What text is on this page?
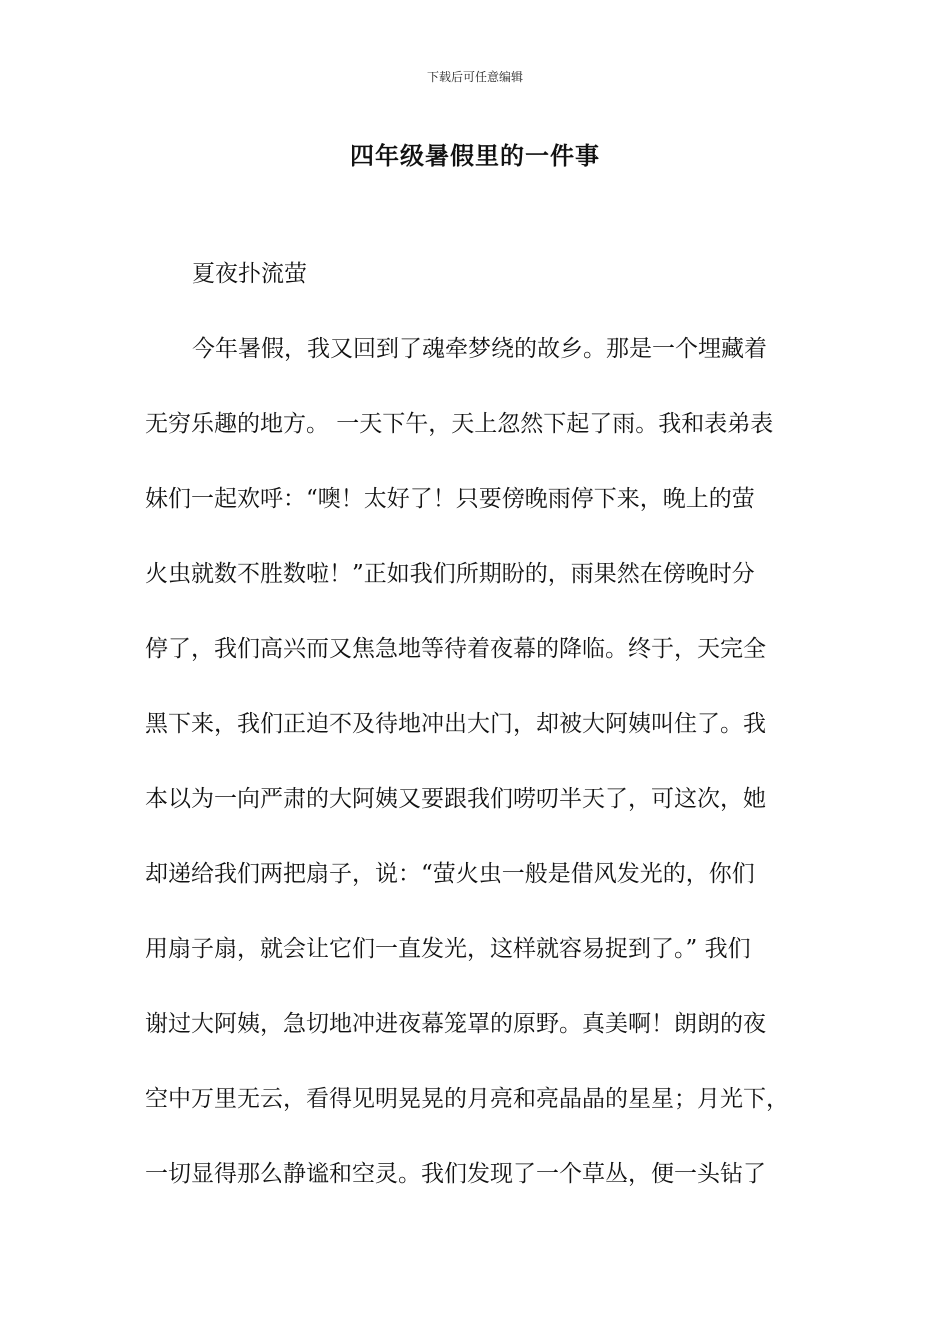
下载后可任意编辑
四年级暑假里的一件事
夏夜扑流萤
今年暑假，我又回到了魂牵梦绕的故乡。那是一个埋藏着
无穷乐趣的地方。 一天下午，天上忽然下起了雨。我和表弟表
妹们一起欢呼：“噢！太好了！只要傍晚雨停下来，晚上的萤
火虫就数不胜数啦！”正如我们所期盼的，雨果然在傍晚时分
停了，我们高兴而又焦急地等待着夜幕的降临。终于，天完全
黑下来，我们正迫不及待地冲出大门，却被大阿姨叫住了。我
本以为一向严肃的大阿姨又要跟我们唠叨半天了，可这次，她
却递给我们两把扇子，说：“萤火虫一般是借风发光的，你们
用扇子扇，就会让它们一直发光，这样就容易捉到了。” 我们
谢过大阿姨，急切地冲进夜幕笼罩的原野。真美啊！朗朗的夜
空中万里无云，看得见明晃晃的月亮和亮晶晶的星星；月光下，
一切显得那么静谧和空灵。我们发现了一个草丛，便一头钻了
